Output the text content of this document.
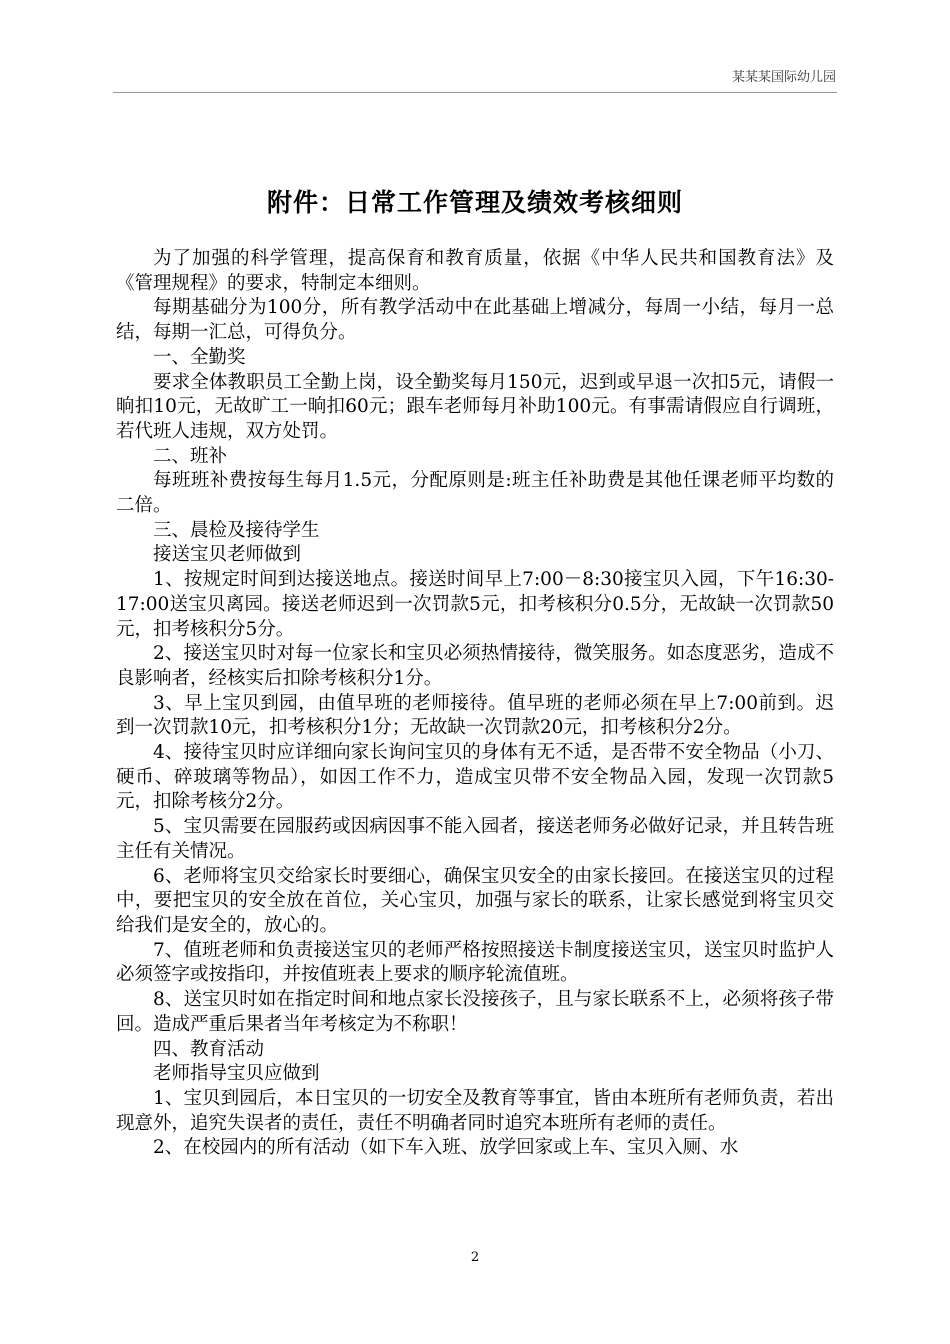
某某某国际幼儿园
附件：日常工作管理及绩效考核细则

为了加强的科学管理，提高保育和教育质量，依据《中华人民共和国教育法》及《管理规程》的要求，特制定本细则。

每期基础分为100分，所有教学活动中在此基础上增减分，每周一小结，每月一总结，每期一汇总，可得负分。

一、全勤奖

要求全体教职员工全勤上岗，设全勤奖每月150元，迟到或早退一次扣5元，请假一晌扣10元，无故旷工一晌扣60元；跟车老师每月补助100元。有事需请假应自行调班，若代班人违规，双方处罚。

二、班补

每班班补费按每生每月1.5元，分配原则是:班主任补助费是其他任课老师平均数的二倍。

三、晨检及接待学生

接送宝贝老师做到

1、按规定时间到达接送地点。接送时间早上7:00－8:30接宝贝入园，下午16:30-17:00送宝贝离园。接送老师迟到一次罚款5元，扣考核积分0.5分，无故缺一次罚款50元，扣考核积分5分。

2、接送宝贝时对每一位家长和宝贝必须热情接待，微笑服务。如态度恶劣，造成不良影响者，经核实后扣除考核积分1分。

3、早上宝贝到园，由值早班的老师接待。值早班的老师必须在早上7:00前到。迟到一次罚款10元，扣考核积分1分；无故缺一次罚款20元，扣考核积分2分。

4、接待宝贝时应详细向家长询问宝贝的身体有无不适，是否带不安全物品（小刀、硬币、碎玻璃等物品），如因工作不力，造成宝贝带不安全物品入园，发现一次罚款5元，扣除考核分2分。

5、宝贝需要在园服药或因病因事不能入园者，接送老师务必做好记录，并且转告班主任有关情况。

6、老师将宝贝交给家长时要细心，确保宝贝安全的由家长接回。在接送宝贝的过程中，要把宝贝的安全放在首位，关心宝贝，加强与家长的联系，让家长感觉到将宝贝交给我们是安全的，放心的。

7、值班老师和负责接送宝贝的老师严格按照接送卡制度接送宝贝，送宝贝时监护人必须签字或按指印，并按值班表上要求的顺序轮流值班。

8、送宝贝时如在指定时间和地点家长没接孩子，且与家长联系不上，必须将孩子带回。造成严重后果者当年考核定为不称职！

四、教育活动

老师指导宝贝应做到

1、宝贝到园后，本日宝贝的一切安全及教育等事宜，皆由本班所有老师负责，若出现意外，追究失误者的责任，责任不明确者同时追究本班所有老师的责任。

2、在校园内的所有活动（如下车入班、放学回家或上车、宝贝入厕、水

2
